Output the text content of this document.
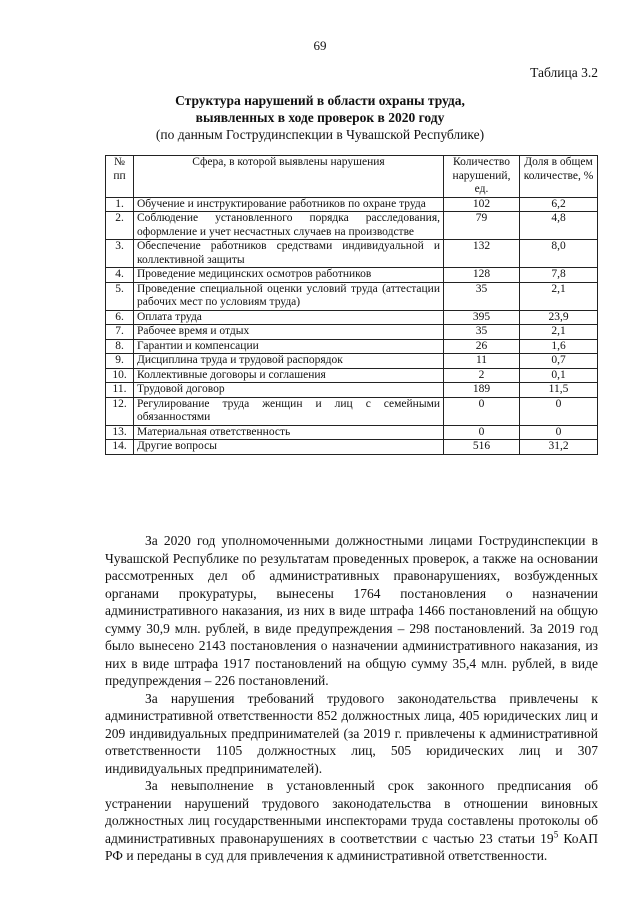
69
Таблица 3.2
Структура нарушений в области охраны труда,
выявленных в ходе проверок в 2020 году
(по данным Гострудинспекции в Чувашской Республике)
№ пп	Сфера, в которой выявлены нарушения	Количество нарушений, ед.	Доля в общем количестве, %
1.	Обучение и инструктирование работников по охране труда	102	6,2
2.	Соблюдение установленного порядка расследования, оформление и учет несчастных случаев на производстве	79	4,8
3.	Обеспечение работников средствами индивидуальной и коллективной защиты	132	8,0
4.	Проведение медицинских осмотров работников	128	7,8
5.	Проведение специальной оценки условий труда (аттестации рабочих мест по условиям труда)	35	2,1
6.	Оплата труда	395	23,9
7.	Рабочее время и отдых	35	2,1
8.	Гарантии и компенсации	26	1,6
9.	Дисциплина труда и трудовой распорядок	11	0,7
10.	Коллективные договоры и соглашения	2	0,1
11.	Трудовой договор	189	11,5
12.	Регулирование труда женщин и лиц с семейными обязанностями	0	0
13.	Материальная ответственность	0	0
14.	Другие вопросы	516	31,2

За 2020 год уполномоченными должностными лицами Гострудинспекции в Чувашской Республике по результатам проведенных проверок, а также на основании рассмотренных дел об административных правонарушениях, возбужденных органами прокуратуры, вынесены 1764 постановления о назначении административного наказания, из них в виде штрафа 1466 постановлений на общую сумму 30,9 млн. рублей, в виде предупреждения – 298 постановлений. За 2019 год было вынесено 2143 постановления о назначении административного наказания, из них в виде штрафа 1917 постановлений на общую сумму 35,4 млн. рублей, в виде предупреждения – 226 постановлений.

За нарушения требований трудового законодательства привлечены к административной ответственности 852 должностных лица, 405 юридических лиц и 209 индивидуальных предпринимателей (за 2019 г. привлечены к административной ответственности 1105 должностных лиц, 505 юридических лиц и 307 индивидуальных предпринимателей).

За невыполнение в установленный срок законного предписания об устранении нарушений трудового законодательства в отношении виновных должностных лиц государственными инспекторами труда составлены протоколы об административных правонарушениях в соответствии с частью 23 статьи $19^5$ КоАП РФ и переданы в суд для привлечения к административной ответственности.
